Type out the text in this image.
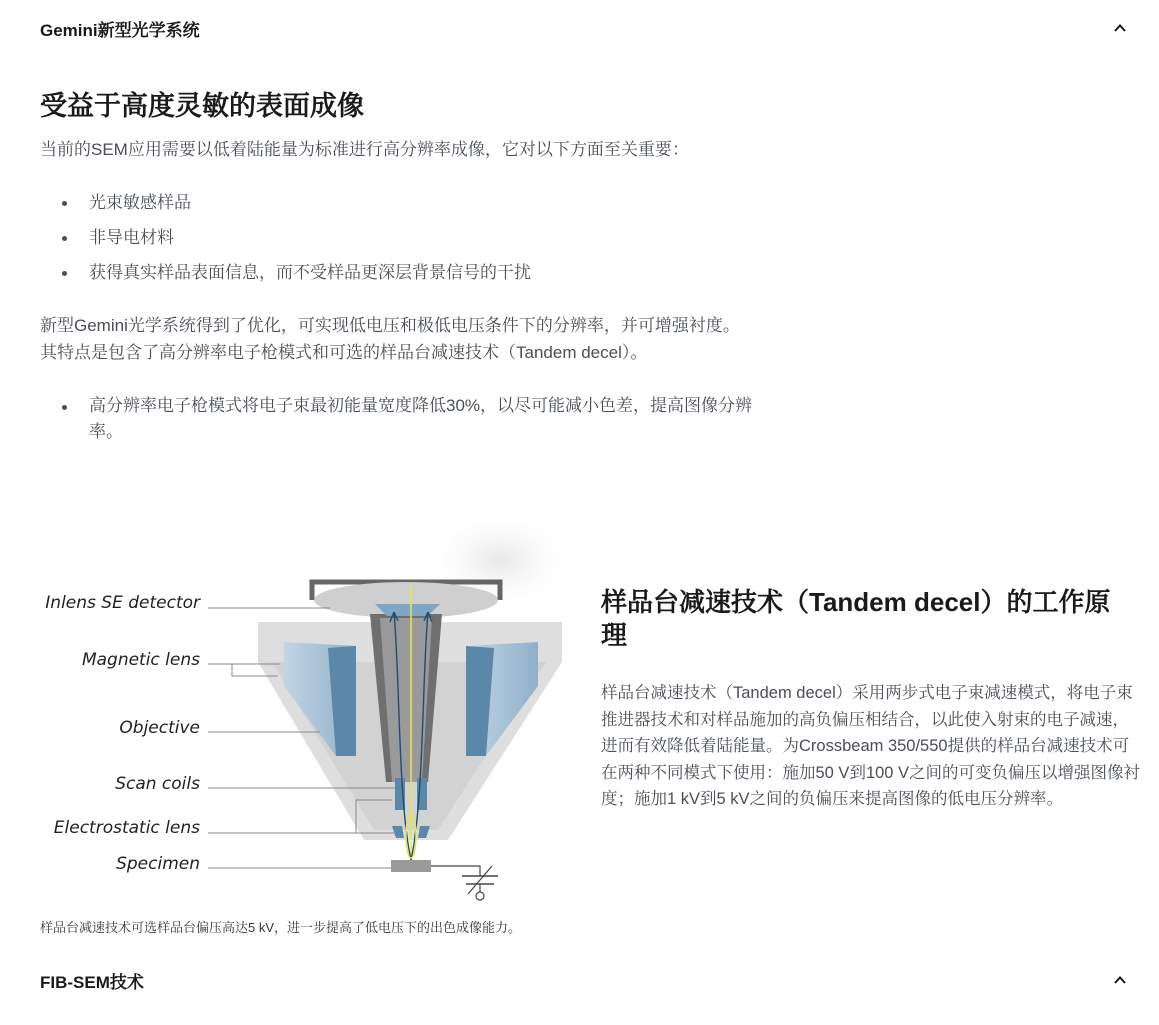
Gemini新型光学系统
受益于高度灵敏的表面成像

当前的SEM应用需要以低着陆能量为标准进行高分辨率成像，它对以下方面至关重要：

光束敏感样品
非导电材料
获得真实样品表面信息，而不受样品更深层背景信号的干扰

新型Gemini光学系统得到了优化，可实现低电压和极低电压条件下的分辨率，并可增强衬度。其特点是包含了高分辨率电子枪模式和可选的样品台减速技术（Tandem decel）。

高分辨率电子枪模式将电子束最初能量宽度降低30%，以尽可能减小色差，提高图像分辨率。
Inlens SE detector
Magnetic lens
Objective
Scan coils
Electrostatic lens
Specimen

样品台减速技术可选样品台偏压高达5 kV，进一步提高了低电压下的出色成像能力。

样品台减速技术（Tandem decel）的工作原理

样品台减速技术（Tandem decel）采用两步式电子束减速模式，将电子束推进器技术和对样品施加的高负偏压相结合，以此使入射束的电子减速，进而有效降低着陆能量。为Crossbeam 350/550提供的样品台减速技术可在两种不同模式下使用：施加50 V到100 V之间的可变负偏压以增强图像衬度；施加1 kV到5 kV之间的负偏压来提高图像的低电压分辨率。

FIB-SEM技术
